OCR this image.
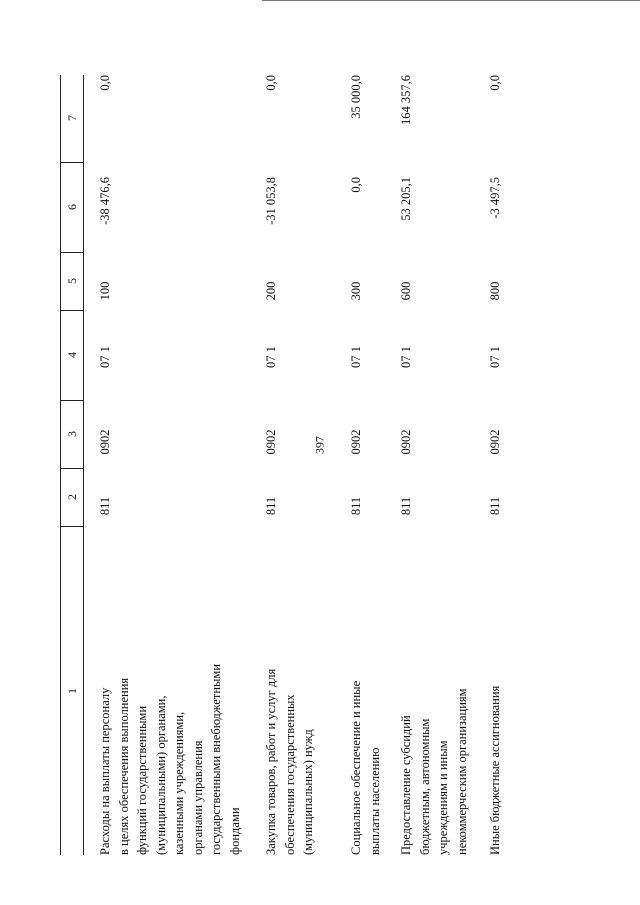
397
1
2
3
4
5
6
7
Расходы на выплаты персоналу в целях обеспечения выполнения функций государственными (муниципальными) органами, казенными учреждениями, органами управления государственными внебюджетными фондами
811
0902
07 1
100
-38 476,6
0,0
Закупка товаров, работ и услуг для обеспечения государственных (муниципальных) нужд
811
0902
07 1
200
-31 053,8
0,0
Социальное обеспечение и иные выплаты населению
811
0902
07 1
300
0,0
35 000,0
Предоставление субсидий бюджетным, автономным учреждениям и иным некоммерческим организациям
811
0902
07 1
600
53 205,1
164 357,6
Иные бюджетные ассигнования
811
0902
07 1
800
-3 497,5
0,0
